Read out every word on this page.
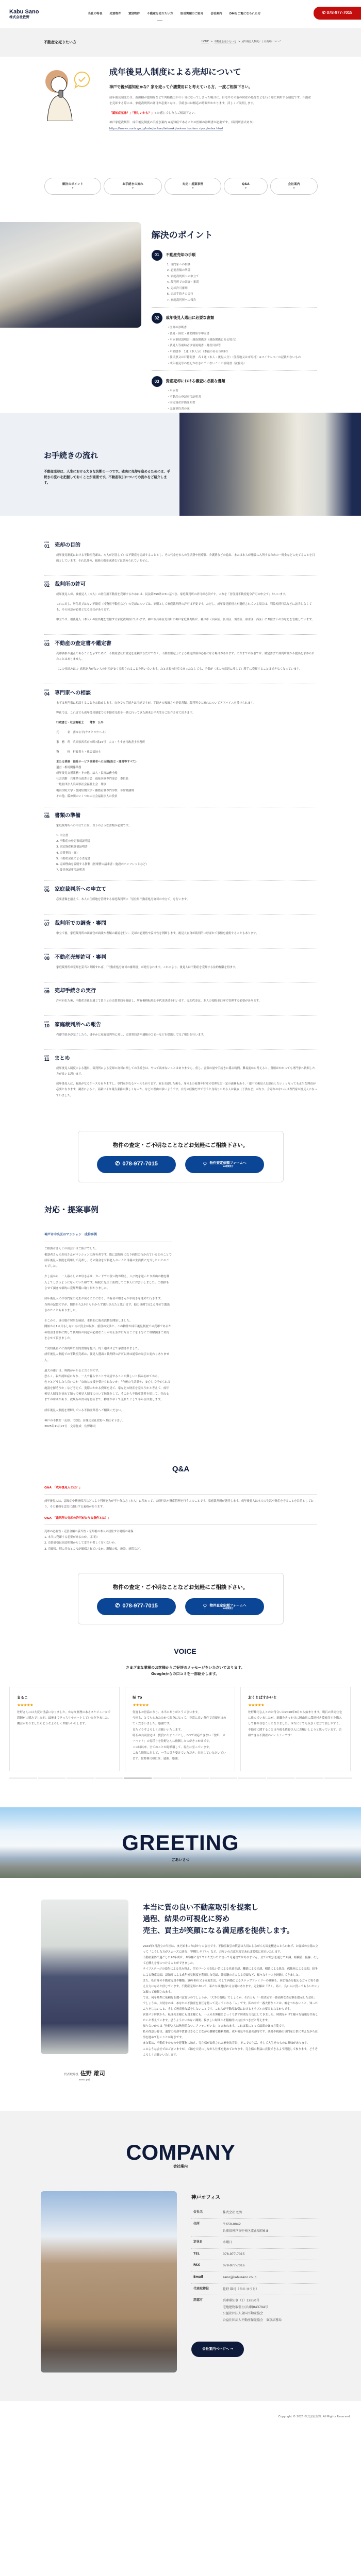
Kabu Sano
株式会社佐野
当社の特長	売買物件	賃貸物件	不動産を売りたい方	取引実績のご紹介	会社案内	DMをご覧になられた方	✆ 078-977-7015
不動産を売りたい方	HOME > 不動産を売りたい方 > 成年後見人制度による売却について
成年後見人制度による売却について
神戸で親が認知症かな？家を売って介護費用にと考えている方、一度ご相談下さい。

成年後見制度とは、親御様が認知症などで判断能力が不十分になってしまった場合に、自宅やその他の財産の処分などを行う際に利用する制度です。不動産を売却する際には、家庭裁判所の許可が必要となり、手続きには相応の時間がかかります。詳しくご説明します。

「認知症気味？」「怪しいかも？」とお感じでしたらご相談下さい。

神戸家庭裁判所　成年後見制度の手続き案内 ※認知症であることの医師の診断書が必要です。（裁判所書式あり）
https://www.courts.go.jp/kobe/saiban/tetuzuki/seinen_kouken_riyou/index.html

解決のポイント
∨
お手続きの流れ
∨
対応・提案事例
∨
Q&A
∨
会社案内
∨
解決のポイント
01	不動産売却の手順
1. 専門家への相談
2. 必要書類の準備
3. 家庭裁判所への申立て
4. 裁判所での調査・審問
5. 売却許可審判
6. 売却手続きの実行
7. 家庭裁判所への報告
02	成年後見人選出に必要な書類
・医師の診断書
・後見・保佐・補助開始等申立書
・申立事情説明書・親族関係図（親族関係にある場合）
・後見人等補助者事情説明書・財産目録等
・戸籍謄本　1通（本人分）（本籍のある市町村）
・住民票又は戸籍附票　各１通（本人・後見人分）（住所地又は市町村）※マイナンバーの記載がないもの
・成年後見等の登記がなされていないことの証明書（法務局）
03	資産売却における審査に必要な書類
・申立書
・不動産の登記事項証明書
・固定資産評価証明書
・売買契約書の案
お手続きの流れ

不動産売却は、人生における大きな決断の一つです。確実に売却を進めるためには、手続きの流れを把握しておくことが重要です。不動産取引についての流れをご紹介します。

STEP
01 売却の目的

成年後見制度における不動産売却は、本人が居住している不動産を売却することとし、その代金を本人の生活費や医療費、介護費などの捻出、または本人が施設に入所するための一時金などに充てることを目的としています。それ以外の、親族の借金返済などは認められていません。

STEP
02 裁判所の許可

成年後見人が、被後見人（本人）の居住用不動産を売却するためには、民法第859条の3に基づき、家庭裁判所の許可が必須です。これを「居住用不動産処分許可の申立て」といいます。

これに対し、居住用ではない不動産（投資用不動産など）の売却については、原則として家庭裁判所の許可は不要です。ただし、成年後見監督人が選任されている場合は、利益相反行為などに該当しなくても、その同意が必要となる場合があります。

申立ては、被後見人（本人）の住所地を管轄する家庭裁判所に行います。神戸市兵庫区荒田町の神戸家庭裁判所は、神戸市（兵庫区、長田区、須磨区、垂水区、西区）にお住まいの方などを管轄しています。

STEP
03 不動産の査定書や鑑定書

売却価格が適正であることを示すために、不動産会社に査定を依頼するだけでなく、不動産鑑定士による鑑定評価が必要になる場合があります。これまでの取引では、鑑定書まで裁判所側から提出を求められたことはありません。

（この仕組みは、）意思能力がない人の財産が安く売却されることを防いでいます。たとえ親の財産であったとしても、子供が（本人の意思に反して）勝手に売却することはできなくなっています。

STEP
04 専門家への相談

まずは専門家に相談することをお勧めします。自分でも手続きは可能ですが、手続きの複雑さや必要書類、裁判所での流れについてアドバイスを受けられます。

弊社では、これまでも成年後見制度での不動産売却を一緒に行ってきた薄木公平先生をご紹介させて頂きます。

行政書士・社会福祉士　　薄木　公平

氏　　　名　薄木公平(ウスキコウヘイ)

事　務　所　兵庫県西宮市本町7番15号　大口・うすき行政書士事務所

資　　　格　行政書士・社会福祉士

主たる業務　福祉サービス事業者への支援(設立・運営等すべて)
遺言・相続関係業務
成年後見支援業務・その他、法人・民事法務全般
社会活動　兵庫県行政書士会　福祉医療専門部会　委員長
一般社団法人兵庫県社会福祉士会　理事
桃山学院大学・豊岡短期大学・播磨看護専門学校　非常勤講師
その他、阪神間のいくつかの社会福祉法人の役員
STEP
05 書類の準備

家庭裁判所への申立てには、以下のような書類が必要です。

1. 申立書
2. 不動産の登記事項証明書
3. 固定資産税評価証明書
4. 売買契約（案）
5. 不動産会社による査定書
6. 売却理由を説明する資料（医療費の請求書・施設のパンフレットなど）
7. 後見登記事項証明書
STEP
06 家庭裁判所への申立て

必要書類を揃えて、本人の住所地を管轄する家庭裁判所に「居住用不動産処分許可の申立て」を行います。

STEP
07 裁判所での調査・審問

申立て後、家庭裁判所の調査官が面談や書類の確認を行い、売却の必要性や妥当性を判断します。後見人自身が裁判所に呼ばれて事情を説明することもあります。

STEP
08 不動産売却許可・審判

家庭裁判所が売却を妥当と判断すれば、「不動産処分許可の審判書」が発行されます。これにより、後見人は不動産を売却する法的権限を得ます。

STEP
09 売却手続きの実行

許可が出た後、不動産会社を通じて買主との売買契約を締結し、所有権移転登記や代金決済を行います。売却代金は、本人の預貯金口座で管理する必要があります。

STEP
10 家庭裁判所への報告

売却手続きが完了したら、速やかに家庭裁判所に対し、売買契約書や通帳のコピーなどを提出して完了報告を行います。

STEP
11 まとめ

成年後見人制度による選出、裁判所による売却の許可に関しての手続きは、やって出来ないことはありません。但し、書類の量や手続きに係る時間、難易度から考えると、費用はかかっても専門家へ依頼した方が良いと思います。

成年後見人は、親族がなるケースも有りますし、専門家がなるケースも有ります。家を売却した後も、身の上の看護や財産の管理など一定の義務もあり、「途中で後見人を辞任したい」となっても正当な理由が必要となります。調査によると、高齢により報告業務が難しくなった、などの理由が多いようです。自分の経験だけで言うと身寄りのある人は親族（子供など）がなり、身寄りのない人は専門家が後見人になっていました。

物件の査定・ご不明なことなどお気軽にご相談下さい。
✆ 078-977-7015	⚲ 物件査定依頼フォームへ
24時間受付
対応・提案事例
神戸市中央区のマンション　成約事例

ご相談者さんとの出会いはご紹介でした。
相談者さんのお母さんがマンションの所有者です。既に認知症になり病院に行かれているとのことで成年後見人制度を利用して売却し、その資金を有料老人ホームと母親の生活費に充当したいとのことでした。

少し前から、一人暮らしのお母さんは、カードでの買い物が増え、人に物を送ったり沢山の物を購入してしまうようになっていた様です。病院に先生と訪問してご本人にお会いしました。ご挨拶もさせて頂き本格的に売却準備に取り掛かりました。

成年後見人には専門家の先生が成ることになり、所有者の娘さんが手続きを進めて行きます。
当時の記憶ですが、開始から2カ月もかからず選出されたと思います。他の事例では1カ月位で選出されたこともありました。

そこから、専任媒介契約を締結。本格的に販売活動を開始しました。
開始から1カ月もしない内に買主が現れ、値段の交渉と、この物件が成年後見制度での売却であるため取引き金額に関して裁判所の同意が必要なことが停止条件になることを十分にご理解頂きご契約をさせて頂きました。

ご契約後直ぐに裁判所に契約書類を提出。約３週間ほどで承認されました。
成年後見人制度での不動産売却は、後見人選出と裁判所の許可以外は通常の取引と変わりありません。

最大の違いは、時間がかかると言う事です。
恐らく、親が認知症になり、一人で暮らすことや同居することが難しいと悩み初めてから、
色々とどうしたら良いのか「公的な支援を受けられないか」「今後の生活費や、安心して任せられる施設を探そうか」など考えて、実際のかかる費用を見て、家などの財産を売ろうかと考えて、成年後見人制度を初めて知って後見人制度について勉強をして、そこから不動産業者を探して、売れるまでの時間があり、裁判所の許可を得るまで、物件が早くて売れたとして半年位は要します。

成年後見人制度を理解している不動産業者へご相談ください。

神戸の不動産「売却」「買取」は株式会社佐野へお任せ下さい。
2025年11月27日　文章作成　佐野雄司

Q&A
Q&A　「成年後見人とは？」

成年後見人は、認知症や精神障害などにより判断能力が不十分な方（本人）に代わって、法律行為や財産管理を行う人のことです。家庭裁判所が選任します。成年後見人は本人の生活や財産を守ることを目的としており、その職務を忠実に遂行する義務があります。

Q&A　「裁判所の売却の許可がおりる条件とは？」
売却の必要性・売買金額の妥当性・売却後の本人の居住する場所の確保
1. 本当に売却する必要があるのか。（目的）
2. 売買価格は周辺相場からして妥当か著しく安くないか。
3. 売却後、別に住むところが確保されているか。親類の家、施設、病院など。
物件の査定・ご不明なことなどお気軽にご相談下さい。
✆ 078-977-7015	⚲ 物件査定依頼フォームへ
24時間受付
VOICE
さまざまな業種のお客様からご好評のメッセージをいただいております。
Googleからの口コミを一部紹介します。
まるこ
★★★★★

佐野さんには大変お世話になりました。かなり無理のあるスケジュールで問題が山積みでしたが、最後まできっちりサポートしていただきました。
機会がありましたらどうぞよろしくお願いいたします。

hi To
★★★★★

何度もお世話になり、本当にありがとうございます。
今回も、とても心あたたかく親身になって、非常に良い条件で売却を決めてくださいました。感謝です。
またどうぞよろしくお願いいたします。
明石の共同住宅は、賃貸に出すこととし、DIYで対応できない「壁紙・カーペット」の見積りを佐野さんに依頼したのがきっかけです。
この時以来、全てのことが好循環して、現在に至っています。
これら情報に対して、一手に引き受けていただき、対応していただいています。佐野雄司様には、感謝、感謝。

おくとぱすかいと
★★★★★

佐野雄司さんとのお付合いは2020年8月から始まります。明石の共同住宅に住んでいましたが、退職をきっかけに岡山県に農地付き農家住宅を購入して移り住むこととなりました。本当にとても気さくな方で話しやすく、不動産に関することは今後も佐野さんにお願いしようと思っています。信頼できる不動産のパートナーです！

GREETING
ごあいさつ
代表取締役 佐野 雄司
sano yuji
本当に質の良い不動産取引を提案し
過程、結果の可視化に努め
売主、買主が笑顔になる満足感を提供します。

2024年4月設立の当社は、まだ始まったばかりの会社です。不動産取引の慣習は大切にしながらも固定概念にとらわれず、お客様の立場に立って「こうした方がスムーズに進む」「理解しやすい」など、お互いの合意事項であれば柔軟に対応いたします。

不動産業界で過ごした20年間は、お客様に育てていただいたと言っても過言ではありません。全ては取引を通じて知識、経験値、接客、そして心構えを身につけることができました。

ライフステージの変化による住み替え、住宅ローンの支払い苦による任意売却、離婚による売却、相続による処分、孤独死による売却、紛争による資産売却、認知症による成年後見制度を利用した売却、外国籍の方による売却など、様々なケースを経験してきました。

また、私自身の不動産売買や離婚、10年間の父子家庭生活、そして再婚によるステップファミリーの経験も、同じ悩みを抱える方々に寄り添える力になると信じています。不動産売却において、私たちは選ばれる立場にあります。売主様は「早く、高く、良い人に買ってもらいたい」と願って依頼されます。

では、何を基準に依頼先を選べば良いのでしょうか。「大手の看板」でしょうか、それとも「一括査定で一番高額な査定額を提示した会社」でしょうか。大切なのは、あなたの不動産を責任を持って売ってくれる「人」です。私の中で一番大切なことは、嘘をつかないこと、知ったふりをしないこと、そして無責任な話をしないことです。これらが不動産取引におけるトラブルの要因となるからです。

営業マン時代から、私は売主様にも買主様にも、一人のお客様とじっくり話す時間を大切にしてきました。時間をかけて様々な情報を共有したいと考えています。思うようにいかない期間、悩ましい時間こそ積極的に共有すべきだと考えます。

知り合いからは「佐野さんは熱狂的なマニアファンがいる」と言われます。これは私にとって最高の褒め言葉です。

私の得意分野は、通常の売却や賃貸はさることながら難解な権利関係、成年後見や任意売却等です。法務や税務の専門家と供に考えながら仕事を進めて行くことが好きです。

また私は、不動産そのものや建築物に加え、売主様が取得された歴史的背景、そこでの生活、そして人生そのものに興味があります。

このような会社ではございますが、ご縁を大切にしながら仕事を進めております。売主様の利益に貢献できるよう精進して参ります。どうぞよろしくお願いいたします。

COMPANY
会社案内
神戸オフィス
会社名	株式会社 佐野
住所	〒650-0042
兵庫県神戸市中央区波止場町6-8
定休日	水曜日
TEL	078-977-7015
FAX	078-977-7016
Email	sano@kabusano.co.jp
代表取締役	佐野 雄司（さの ゆうじ）
許認可	兵庫県知事（1）12850号
宅地建物取引士(兵庫)043794号
公益社団法人全国不動産協会
公益社団法人不動産保証協会　東京法務局
会社案内ページへ →
Copyright © 2025 株式会社佐野. All Rights Reserved.
